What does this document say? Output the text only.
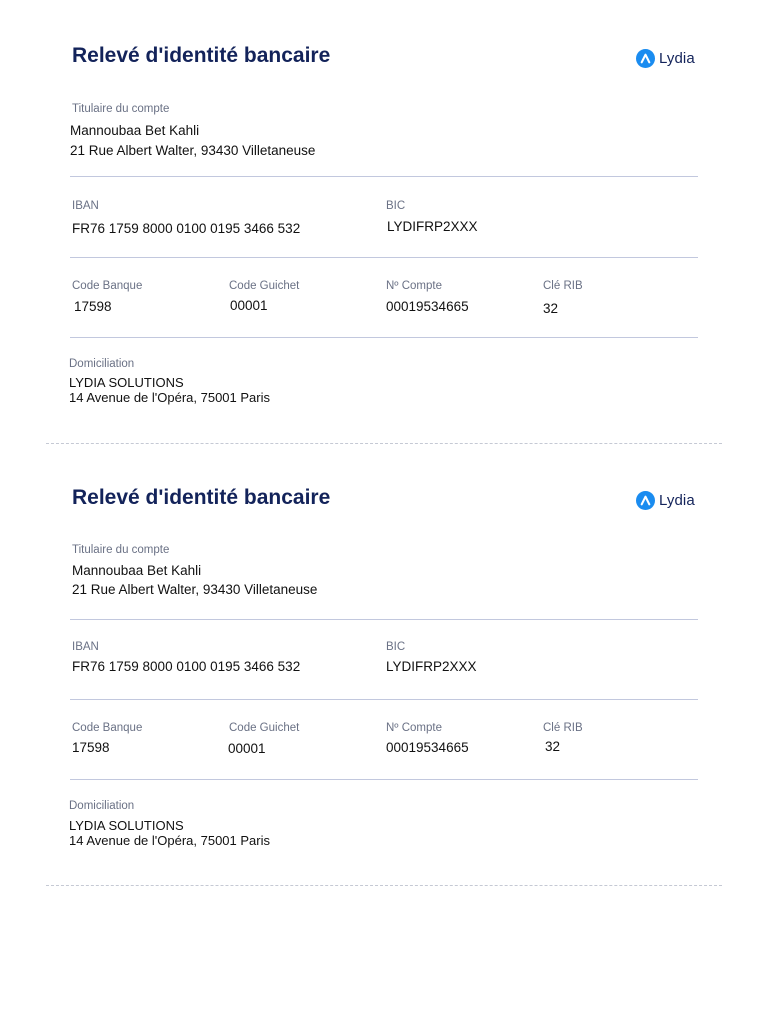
Relevé d'identité bancaire	Lydia
Titulaire du compte
Mannoubaa Bet Kahli
21 Rue Albert Walter, 93430 Villetaneuse
IBAN
FR76 1759 8000 0100 0195 3466 532
BIC
LYDIFRP2XXX
Code Banque
17598
Code Guichet
00001
Nº Compte
00019534665
Clé RIB
32
Domiciliation
LYDIA SOLUTIONS
14 Avenue de l'Opéra, 75001 Paris
Relevé d'identité bancaire	Lydia
Titulaire du compte
Mannoubaa Bet Kahli
21 Rue Albert Walter, 93430 Villetaneuse
IBAN
FR76 1759 8000 0100 0195 3466 532
BIC
LYDIFRP2XXX
Code Banque
17598
Code Guichet
00001
Nº Compte
00019534665
Clé RIB
32
Domiciliation
LYDIA SOLUTIONS
14 Avenue de l'Opéra, 75001 Paris
